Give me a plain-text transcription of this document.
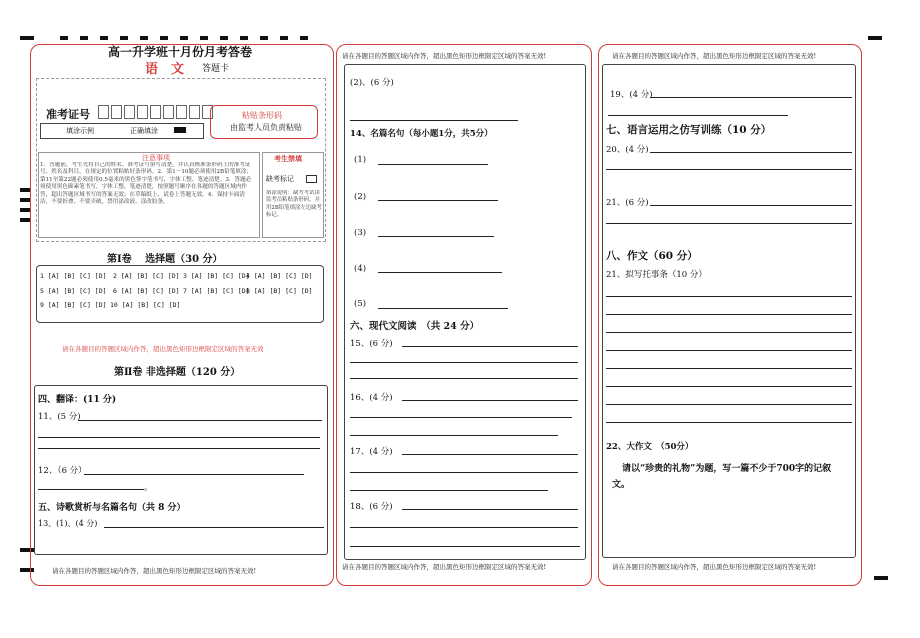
高一升学班十月份月考答卷
语　文 答题卡
准考证号
填涂示例	正确填涂
粘贴条形码
由监考人员负责粘贴
注意事项
1．答题前，考生先将自己的姓名、准考证号填写清楚，并认真核准条形码上的准考证号、姓名及科目，在规定的位置粘贴好条形码。2．第1－10题必须使用2B铅笔填涂；第11至第22题必须使用0.5毫米的黑色签字笔书写，字体工整、笔迹清楚。3．答题必须使用黑色碳素笔书写，字体工整、笔迹清楚，按照题号顺序在各题的答题区域内作答，超出答题区域书写的答案无效；在草稿纸上、试卷上答题无效。4．保持卡面清洁，不要折叠、不要弄破，禁用涂改液、涂改胶条。
考生禁填
缺考标记
填涂说明：缺考考试由监考员粘贴条形码，并用2B铅笔填涂左边缺考标记。
第Ⅰ卷　 选择题（30 分）
1 [A] [B] [C] [D] 2 [A] [B] [C] [D] 3 [A] [B] [C] [D]
4 [A] [B] [C] [D]
5 [A] [B] [C] [D] 6 [A] [B] [C] [D] 7 [A] [B] [C] [D]
8 [A] [B] [C] [D]
9 [A] [B] [C] [D] 10 [A] [B] [C] [D]
请在各题目的答题区域内作答，超出黑色矩形边框限定区域的答案无效
第Ⅱ卷 非选择题（120 分）
四、翻译：(11 分)
11、(5 分)
12、（6 分）
。
五、诗歌赏析与名篇名句（共 8 分）
13、(1)、(4 分)
请在各题目的答题区域内作答，超出黑色矩形边框限定区域的答案无效!
请在各题目的答题区域内作答，超出黑色矩形边框限定区域的答案无效!
(2)、(6 分)
14、名篇名句（每小题1分，共5分）
(1)
(2)
(3)
(4)
(5)
六、现代文阅读　（共 24 分）
15、(6 分)
16、(4 分)
17、(4 分)
18、(6 分)
请在各题目的答题区域内作答，超出黑色矩形边框限定区域的答案无效!
请在各题目的答题区域内作答，超出黑色矩形边框限定区域的答案无效!
19、(4 分)
七、语言运用之仿写训练（10 分）
20、(4 分)
21、(6 分)
八、作文（60 分）
21、拟写托事条（10 分）
22、大作文　（50分）
请以“珍贵的礼物”为题，写一篇不少于700字的记叙文。
请在各题目的答题区域内作答，超出黑色矩形边框限定区域的答案无效!
